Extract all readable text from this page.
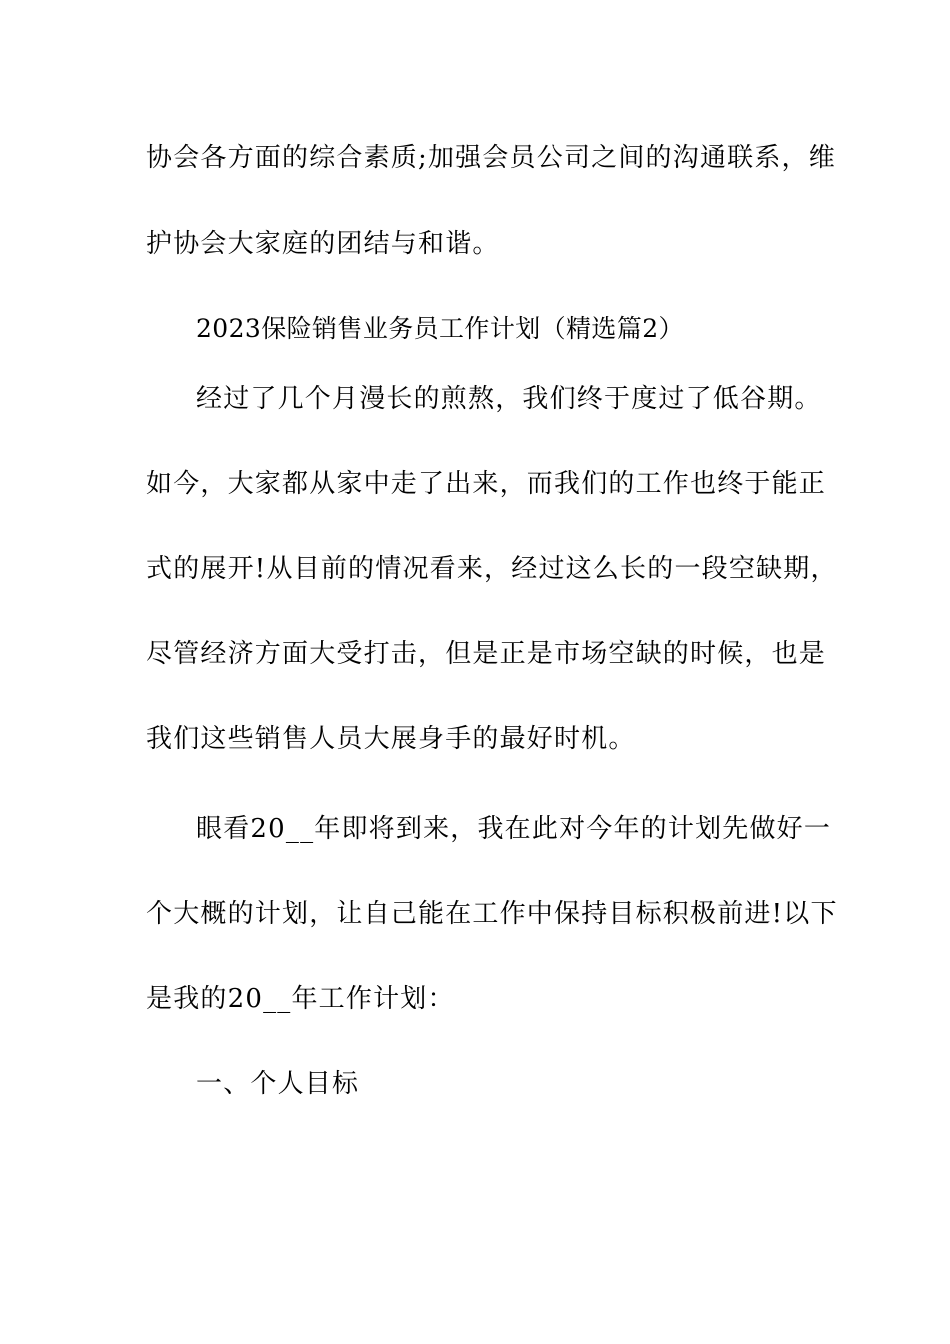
协会各方面的综合素质;加强会员公司之间的沟通联系，维
护协会大家庭的团结与和谐。
2023保险销售业务员工作计划（精选篇2）
经过了几个月漫长的煎熬，我们终于度过了低谷期。
如今，大家都从家中走了出来，而我们的工作也终于能正
式的展开!从目前的情况看来，经过这么长的一段空缺期，
尽管经济方面大受打击，但是正是市场空缺的时候，也是
我们这些销售人员大展身手的最好时机。
眼看20__年即将到来，我在此对今年的计划先做好一
个大概的计划，让自己能在工作中保持目标积极前进!以下
是我的20__年工作计划：
一、个人目标
